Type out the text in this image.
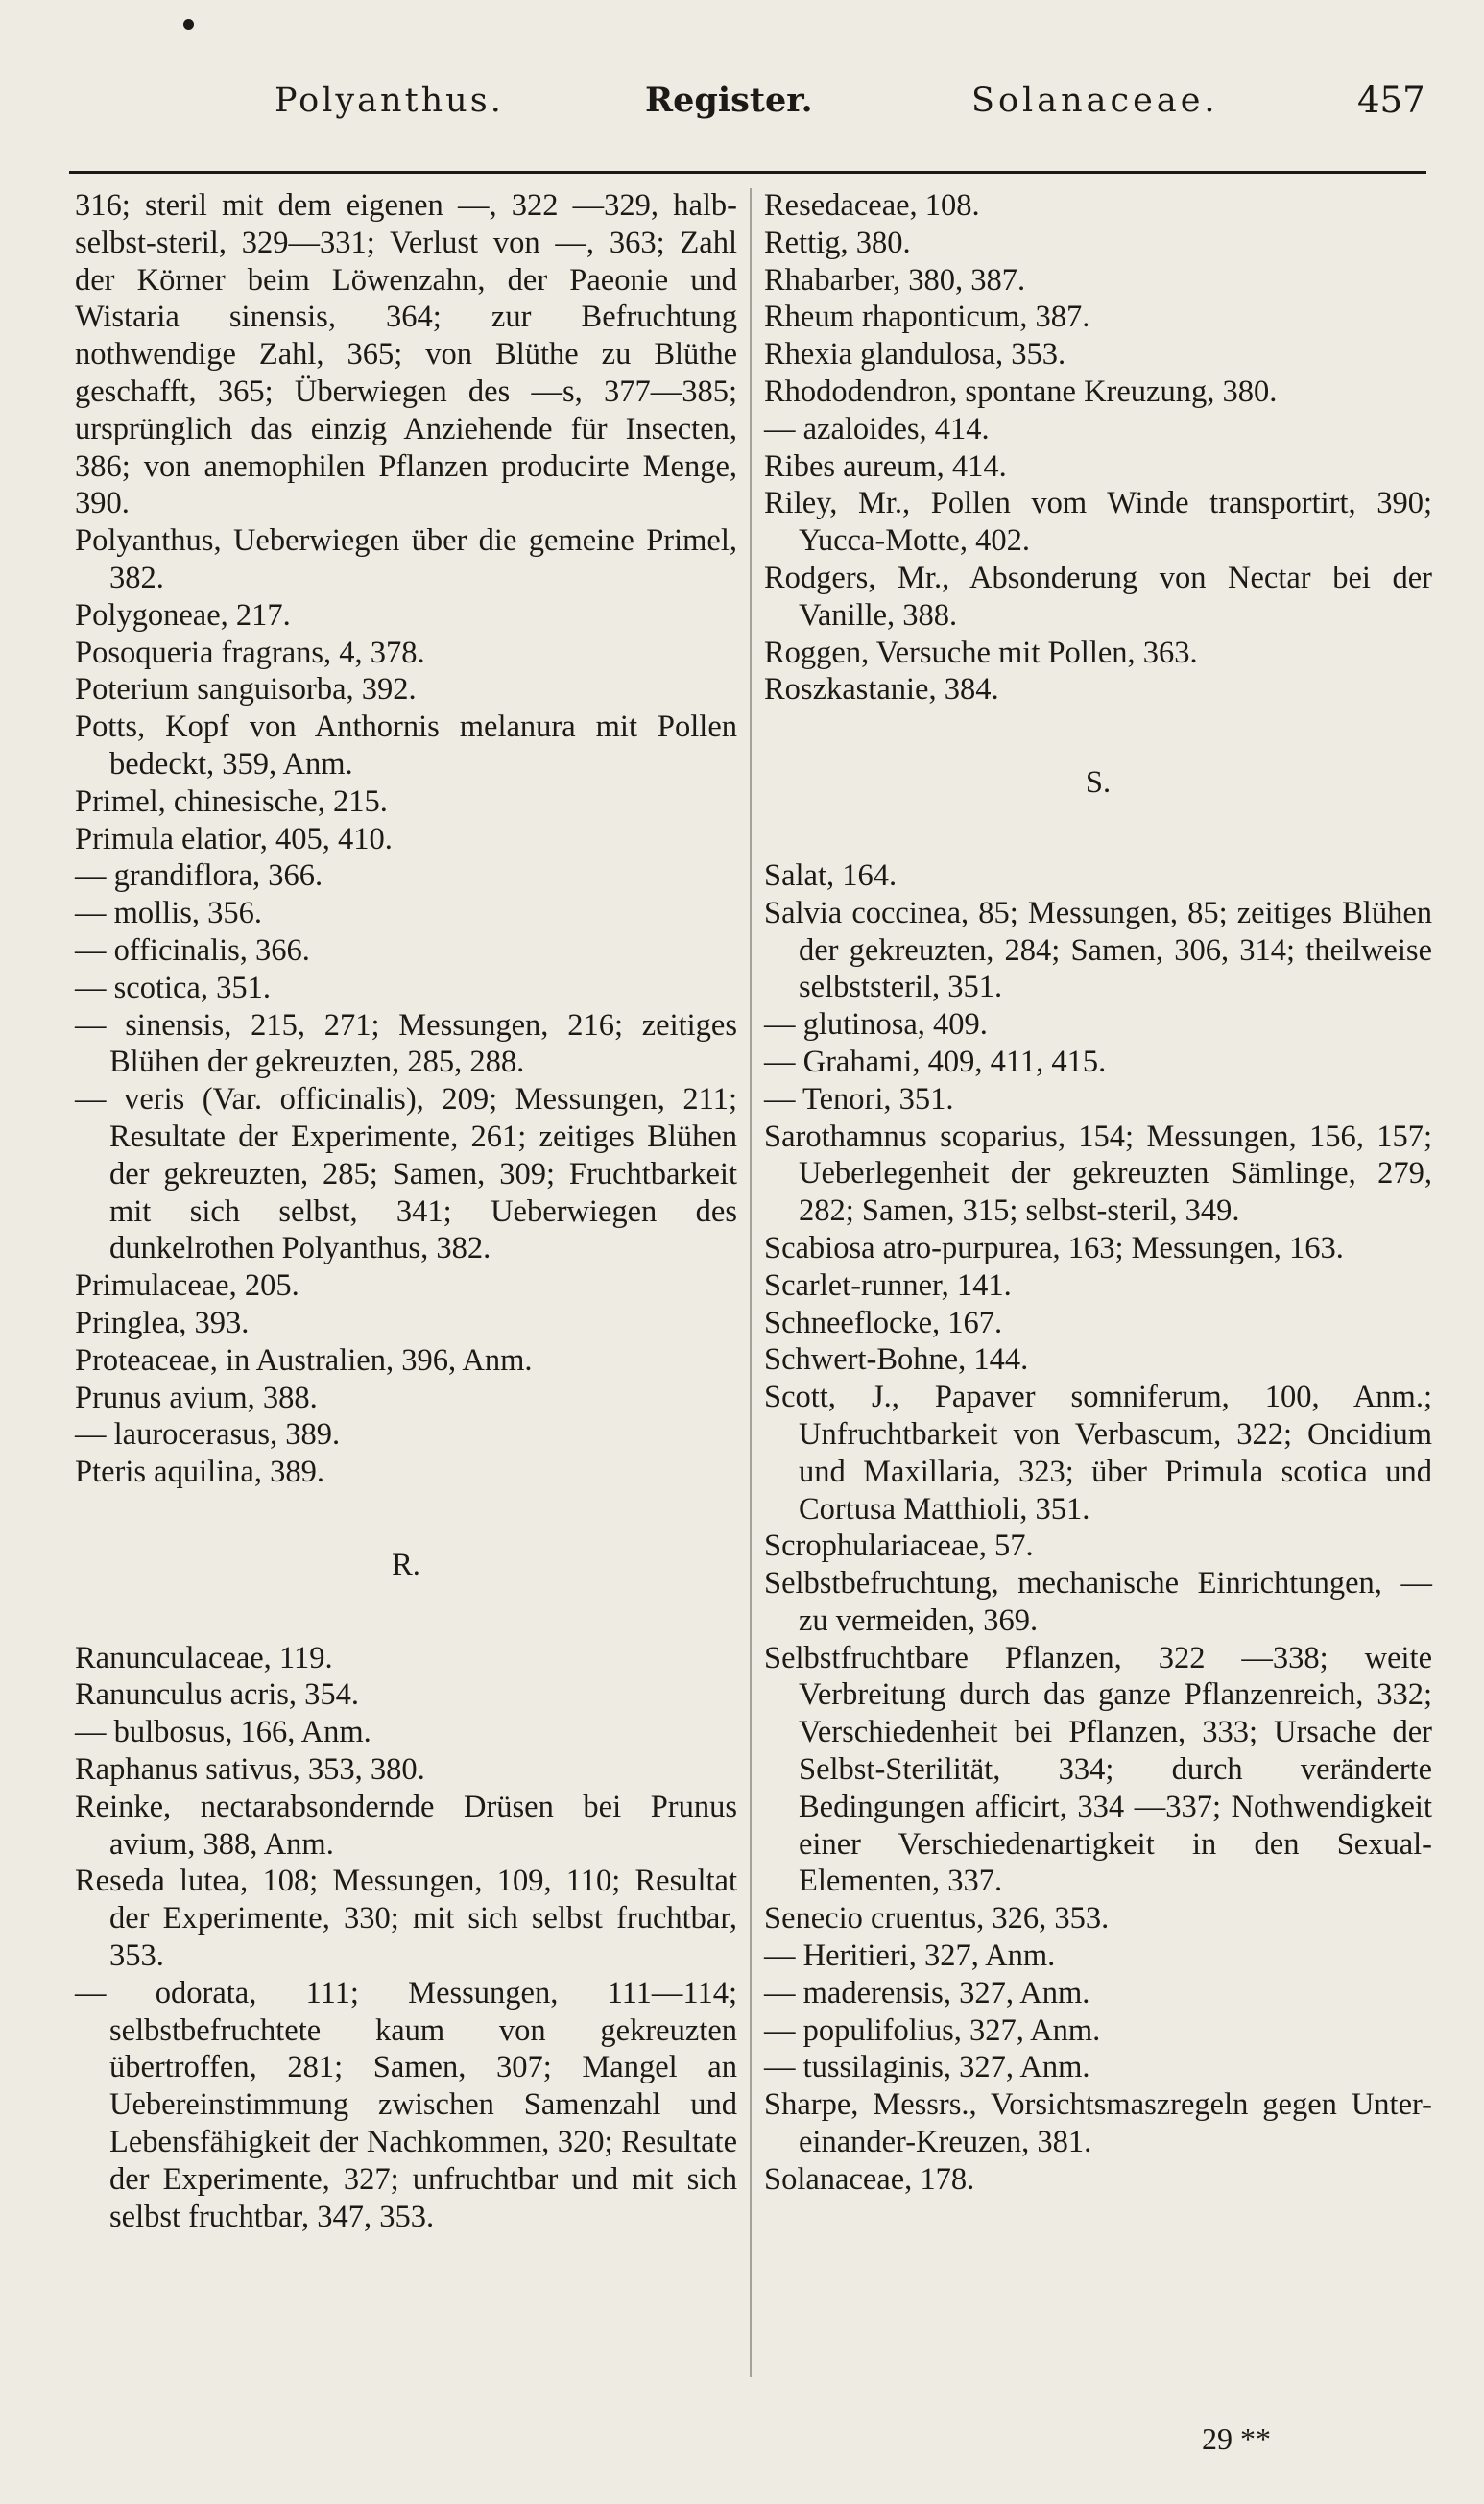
Polyanthus.	Register.	Solanaceae.	457
316; steril mit dem eigenen —, 322 —329, halb-selbst-steril, 329—331; Verlust von —, 363; Zahl der Körner beim Löwenzahn, der Paeonie und Wistaria sinensis, 364; zur Befruchtung nothwendige Zahl, 365; von Blüthe zu Blüthe geschafft, 365; Überwiegen des —s, 377—385; ursprünglich das einzig Anziehende für Insecten, 386; von anemophilen Pflanzen producirte Menge, 390.
Polyanthus, Ueberwiegen über die gemeine Primel, 382.
Polygoneae, 217.
Posoqueria fragrans, 4, 378.
Poterium sanguisorba, 392.
Potts, Kopf von Anthornis melanura mit Pollen bedeckt, 359, Anm.
Primel, chinesische, 215.
Primula elatior, 405, 410.
— grandiflora, 366.
— mollis, 356.
— officinalis, 366.
— scotica, 351.
— sinensis, 215, 271; Messungen, 216; zeitiges Blühen der gekreuzten, 285, 288.
— veris (Var. officinalis), 209; Messungen, 211; Resultate der Experimente, 261; zeitiges Blühen der gekreuzten, 285; Samen, 309; Fruchtbarkeit mit sich selbst, 341; Ueberwiegen des dunkelrothen Polyanthus, 382.
Primulaceae, 205.
Pringlea, 393.
Proteaceae, in Australien, 396, Anm.
Prunus avium, 388.
— laurocerasus, 389.
Pteris aquilina, 389.
R.
Ranunculaceae, 119.
Ranunculus acris, 354.
— bulbosus, 166, Anm.
Raphanus sativus, 353, 380.
Reinke, nectarabsondernde Drüsen bei Prunus avium, 388, Anm.
Reseda lutea, 108; Messungen, 109, 110; Resultat der Experimente, 330; mit sich selbst fruchtbar, 353.
— odorata, 111; Messungen, 111—114; selbstbefruchtete kaum von gekreuzten übertroffen, 281; Samen, 307; Mangel an Uebereinstimmung zwischen Samenzahl und Lebensfähigkeit der Nachkommen, 320; Resultate der Experimente, 327; unfruchtbar und mit sich selbst fruchtbar, 347, 353.
Resedaceae, 108.
Rettig, 380.
Rhabarber, 380, 387.
Rheum rhaponticum, 387.
Rhexia glandulosa, 353.
Rhododendron, spontane Kreuzung, 380.
— azaloides, 414.
Ribes aureum, 414.
Riley, Mr., Pollen vom Winde transportirt, 390; Yucca-Motte, 402.
Rodgers, Mr., Absonderung von Nectar bei der Vanille, 388.
Roggen, Versuche mit Pollen, 363.
Roszkastanie, 384.
S.
Salat, 164.
Salvia coccinea, 85; Messungen, 85; zeitiges Blühen der gekreuzten, 284; Samen, 306, 314; theilweise selbststeril, 351.
— glutinosa, 409.
— Grahami, 409, 411, 415.
— Tenori, 351.
Sarothamnus scoparius, 154; Messungen, 156, 157; Ueberlegenheit der gekreuzten Sämlinge, 279, 282; Samen, 315; selbst-steril, 349.
Scabiosa atro-purpurea, 163; Messungen, 163.
Scarlet-runner, 141.
Schneeflocke, 167.
Schwert-Bohne, 144.
Scott, J., Papaver somniferum, 100, Anm.; Unfruchtbarkeit von Verbascum, 322; Oncidium und Maxillaria, 323; über Primula scotica und Cortusa Matthioli, 351.
Scrophulariaceae, 57.
Selbstbefruchtung, mechanische Einrichtungen, — zu vermeiden, 369.
Selbstfruchtbare Pflanzen, 322 —338; weite Verbreitung durch das ganze Pflanzenreich, 332; Verschiedenheit bei Pflanzen, 333; Ursache der Selbst-Sterilität, 334; durch veränderte Bedingungen afficirt, 334 —337; Nothwendigkeit einer Verschiedenartigkeit in den Sexual-Elementen, 337.
Senecio cruentus, 326, 353.
— Heritieri, 327, Anm.
— maderensis, 327, Anm.
— populifolius, 327, Anm.
— tussilaginis, 327, Anm.
Sharpe, Messrs., Vorsichtsmaszregeln gegen Unter-einander-Kreuzen, 381.
Solanaceae, 178.
29 **
